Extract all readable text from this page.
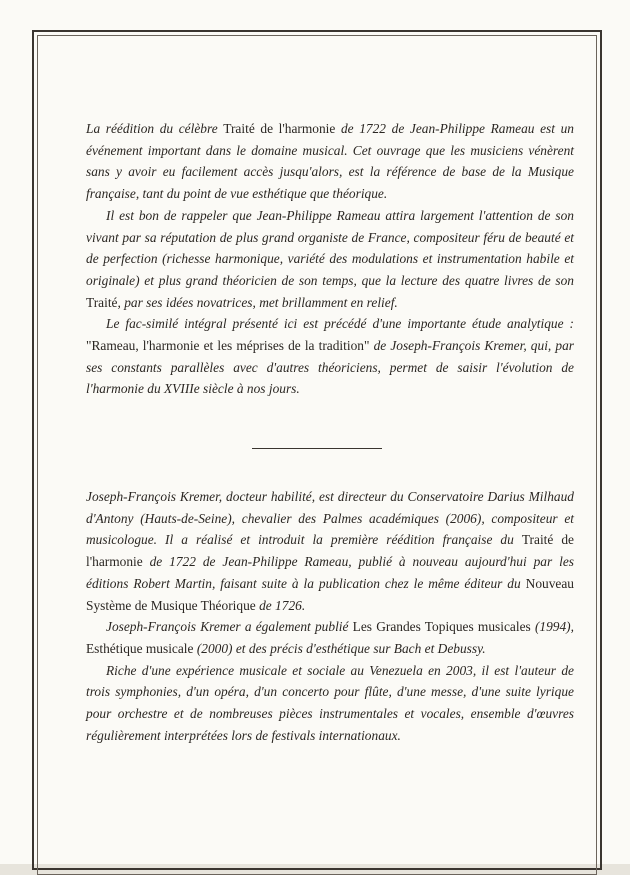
La réédition du célèbre Traité de l'harmonie de 1722 de Jean-Philippe Rameau est un événement important dans le domaine musical. Cet ouvrage que les musiciens vénèrent sans y avoir eu facilement accès jusqu'alors, est la référence de base de la Musique française, tant du point de vue esthétique que théorique.

Il est bon de rappeler que Jean-Philippe Rameau attira largement l'attention de son vivant par sa réputation de plus grand organiste de France, compositeur féru de beauté et de perfection (richesse harmonique, variété des modulations et instrumentation habile et originale) et plus grand théoricien de son temps, que la lecture des quatre livres de son Traité, par ses idées novatrices, met brillamment en relief.

Le fac-similé intégral présenté ici est précédé d'une importante étude analytique : "Rameau, l'harmonie et les méprises de la tradition" de Joseph-François Kremer, qui, par ses constants parallèles avec d'autres théoriciens, permet de saisir l'évolution de l'harmonie du XVIIIe siècle à nos jours.

Joseph-François Kremer, docteur habilité, est directeur du Conservatoire Darius Milhaud d'Antony (Hauts-de-Seine), chevalier des Palmes académiques (2006), compositeur et musicologue. Il a réalisé et introduit la première réédition française du Traité de l'harmonie de 1722 de Jean-Philippe Rameau, publié à nouveau aujourd'hui par les éditions Robert Martin, faisant suite à la publication chez le même éditeur du Nouveau Système de Musique Théorique de 1726.

Joseph-François Kremer a également publié Les Grandes Topiques musicales (1994), Esthétique musicale (2000) et des précis d'esthétique sur Bach et Debussy.

Riche d'une expérience musicale et sociale au Venezuela en 2003, il est l'auteur de trois symphonies, d'un opéra, d'un concerto pour flûte, d'une messe, d'une suite lyrique pour orchestre et de nombreuses pièces instrumentales et vocales, ensemble d'œuvres régulièrement interprétées lors de festivals internationaux.
